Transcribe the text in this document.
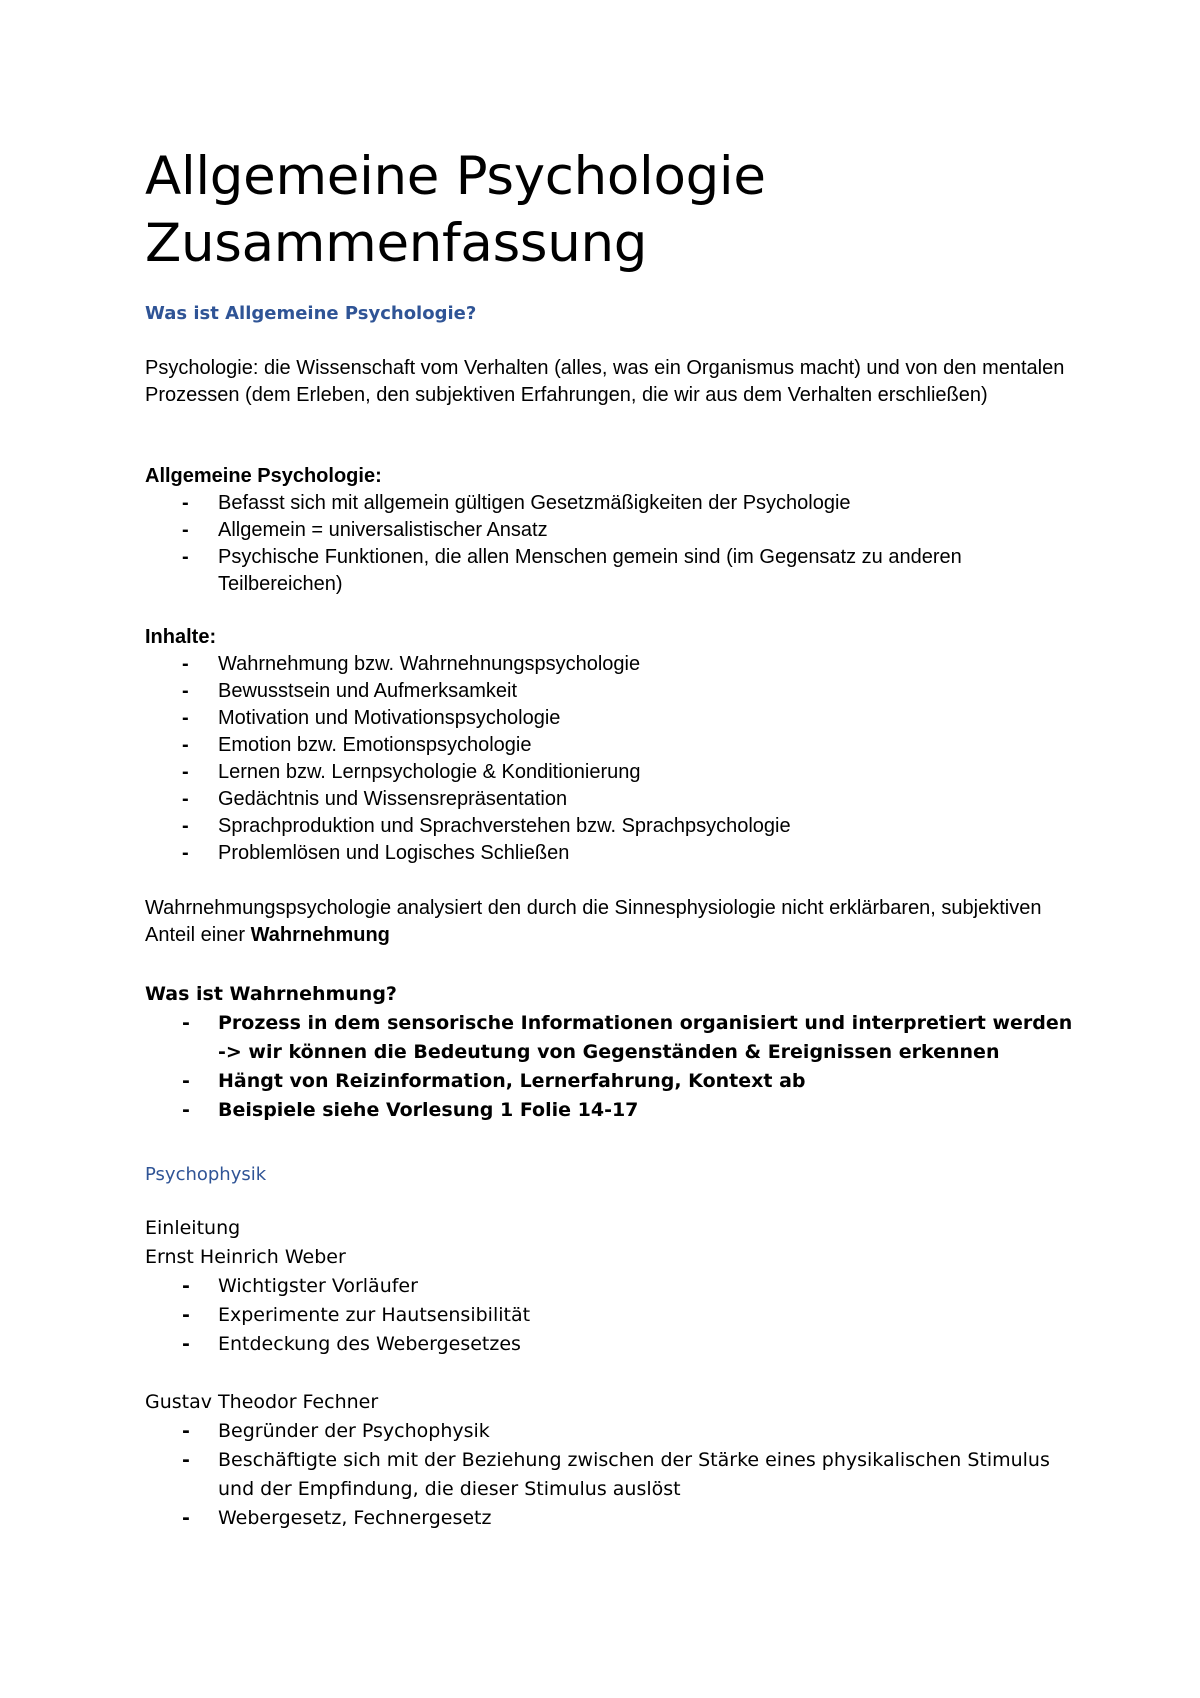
Allgemeine Psychologie
Zusammenfassung
Was ist Allgemeine Psychologie?

Psychologie: die Wissenschaft vom Verhalten (alles, was ein Organismus macht) und von den mentalen Prozessen (dem Erleben, den subjektiven Erfahrungen, die wir aus dem Verhalten erschließen)

Allgemeine Psychologie:

- Befasst sich mit allgemein gültigen Gesetzmäßigkeiten der Psychologie
- Allgemein = universalistischer Ansatz
- Psychische Funktionen, die allen Menschen gemein sind (im Gegensatz zu anderen Teilbereichen)

Inhalte:

- Wahrnehmung bzw. Wahrnehnungspsychologie
- Bewusstsein und Aufmerksamkeit
- Motivation und Motivationspsychologie
- Emotion bzw. Emotionspsychologie
- Lernen bzw. Lernpsychologie & Konditionierung
- Gedächtnis und Wissensrepräsentation
- Sprachproduktion und Sprachverstehen bzw. Sprachpsychologie
- Problemlösen und Logisches Schließen

Wahrnehmungspsychologie analysiert den durch die Sinnesphysiologie nicht erklärbaren, subjektiven Anteil einer Wahrnehmung

Was ist Wahrnehmung?

- Prozess in dem sensorische Informationen organisiert und interpretiert werden -> wir können die Bedeutung von Gegenständen & Ereignissen erkennen
- Hängt von Reizinformation, Lernerfahrung, Kontext ab
- Beispiele siehe Vorlesung 1 Folie 14-17
Psychophysik

Einleitung

Ernst Heinrich Weber

- Wichtigster Vorläufer
- Experimente zur Hautsensibilität
- Entdeckung des Webergesetzes

Gustav Theodor Fechner

- Begründer der Psychophysik
- Beschäftigte sich mit der Beziehung zwischen der Stärke eines physikalischen Stimulus und der Empfindung, die dieser Stimulus auslöst
- Webergesetz, Fechnergesetz
